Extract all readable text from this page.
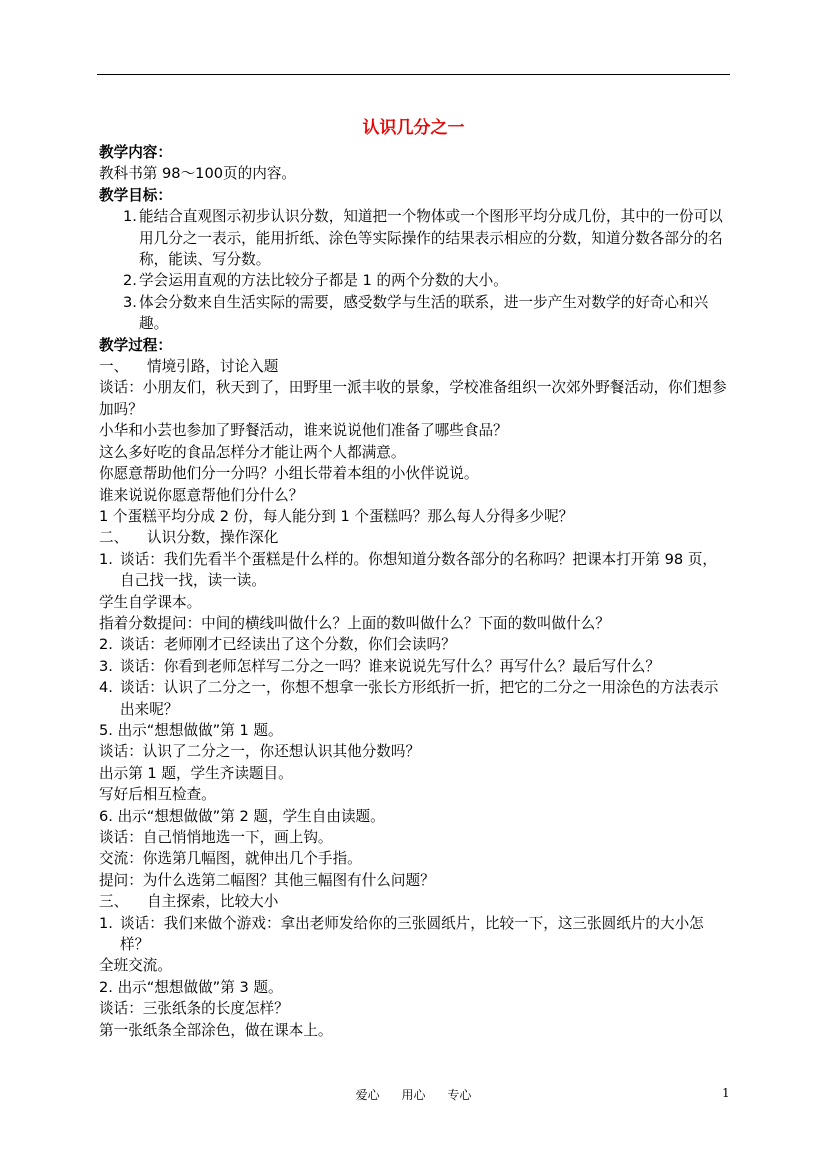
认识几分之一
教学内容：
教科书第 98～100页的内容。
教学目标：
1. 能结合直观图示初步认识分数，知道把一个物体或一个图形平均分成几份，其中的一份可以用几分之一表示，能用折纸、涂色等实际操作的结果表示相应的分数，知道分数各部分的名称，能读、写分数。
2. 学会运用直观的方法比较分子都是 1 的两个分数的大小。
3. 体会分数来自生活实际的需要，感受数学与生活的联系，进一步产生对数学的好奇心和兴趣。
教学过程：
一、 情境引路，讨论入题
谈话：小朋友们，秋天到了，田野里一派丰收的景象，学校准备组织一次郊外野餐活动，你们想参加吗？
小华和小芸也参加了野餐活动，谁来说说他们准备了哪些食品？
这么多好吃的食品怎样分才能让两个人都满意。
你愿意帮助他们分一分吗？小组长带着本组的小伙伴说说。
谁来说说你愿意帮他们分什么？
1 个蛋糕平均分成 2 份，每人能分到 1 个蛋糕吗？那么每人分得多少呢？
二、 认识分数，操作深化
1. 谈话：我们先看半个蛋糕是什么样的。你想知道分数各部分的名称吗？把课本打开第 98 页，自己找一找，读一读。
学生自学课本。
指着分数提问：中间的横线叫做什么？上面的数叫做什么？下面的数叫做什么？
2. 谈话：老师刚才已经读出了这个分数，你们会读吗？
3. 谈话：你看到老师怎样写二分之一吗？谁来说说先写什么？再写什么？最后写什么？
4. 谈话：认识了二分之一，你想不想拿一张长方形纸折一折，把它的二分之一用涂色的方法表示出来呢？
5. 出示“想想做做”第 1 题。
谈话：认识了二分之一，你还想认识其他分数吗？
出示第 1 题，学生齐读题目。
写好后相互检查。
6. 出示“想想做做”第 2 题，学生自由读题。
谈话：自己悄悄地选一下，画上钩。
交流：你选第几幅图，就伸出几个手指。
提问：为什么选第二幅图？其他三幅图有什么问题？
三、 自主探索，比较大小
1. 谈话：我们来做个游戏：拿出老师发给你的三张圆纸片，比较一下，这三张圆纸片的大小怎样？
全班交流。
2. 出示“想想做做”第 3 题。
谈话：三张纸条的长度怎样？
第一张纸条全部涂色，做在课本上。
爱心 用心 专心	1
